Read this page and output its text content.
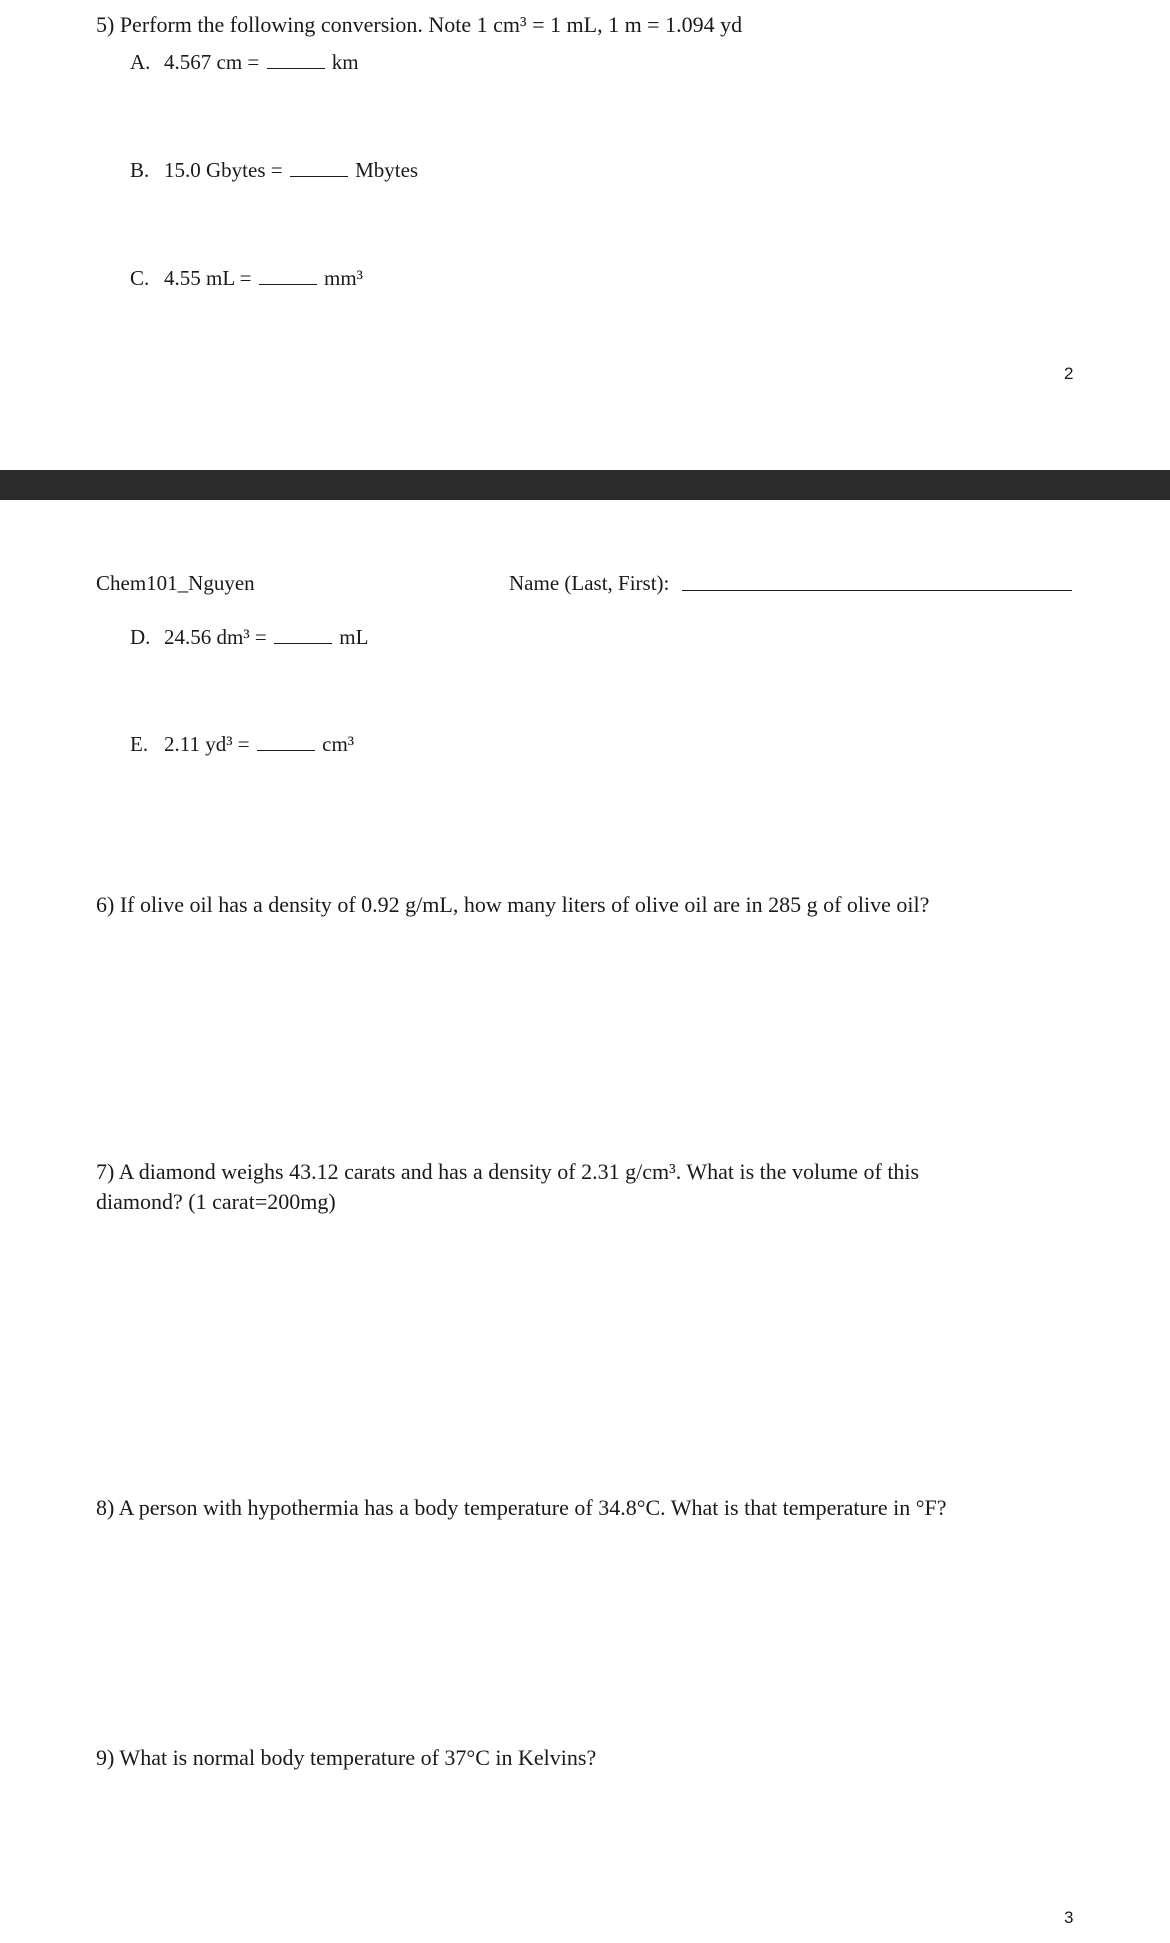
5) Perform the following conversion. Note 1 cm³ = 1 mL, 1 m = 1.094 yd
A. 4.567 cm =	km
B. 15.0 Gbytes =	Mbytes
C. 4.55 mL =	mm³
2
Chem101_Nguyen	Name (Last, First):
D. 24.56 dm³ =	mL
E. 2.11 yd³ =	cm³
6) If olive oil has a density of 0.92 g/mL, how many liters of olive oil are in 285 g of olive oil?
7) A diamond weighs 43.12 carats and has a density of 2.31 g/cm³. What is the volume of this
diamond? (1 carat=200mg)
8) A person with hypothermia has a body temperature of 34.8°C. What is that temperature in °F?
9) What is normal body temperature of 37°C in Kelvins?
3
